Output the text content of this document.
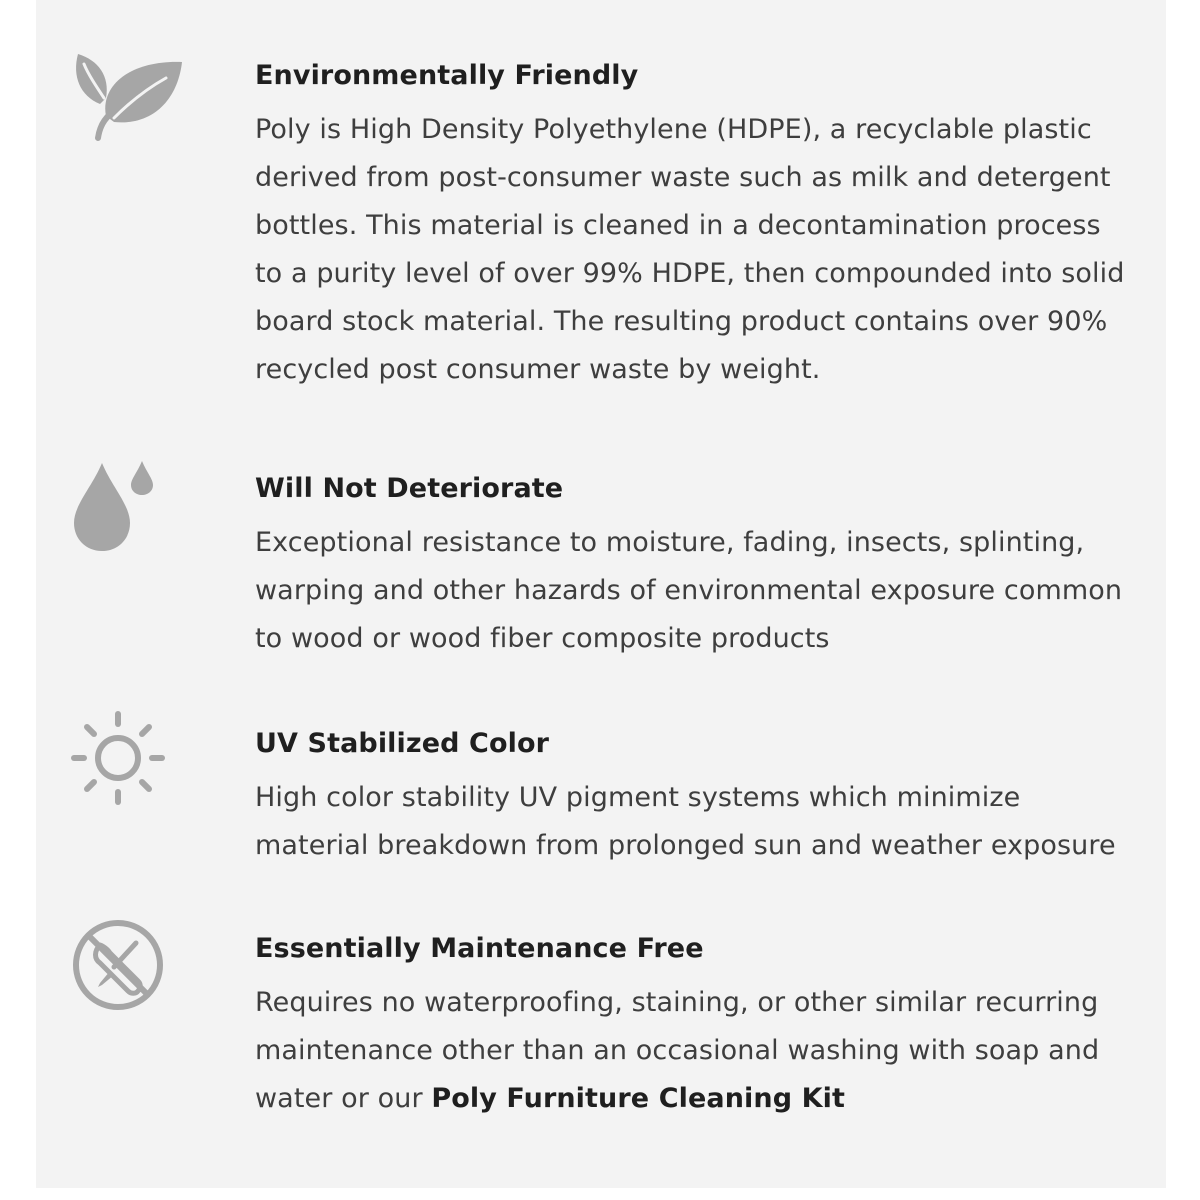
Environmentally Friendly

Poly is High Density Polyethylene (HDPE), a recyclable plastic derived from post-consumer waste such as milk and detergent bottles. This material is cleaned in a decontamination process to a purity level of over 99% HDPE, then compounded into solid board stock material. The resulting product contains over 90% recycled post consumer waste by weight.

Will Not Deteriorate

Exceptional resistance to moisture, fading, insects, splinting, warping and other hazards of environmental exposure common to wood or wood fiber composite products

UV Stabilized Color

High color stability UV pigment systems which minimize material breakdown from prolonged sun and weather exposure

Essentially Maintenance Free

Requires no waterproofing, staining, or other similar recurring maintenance other than an occasional washing with soap and water or our Poly Furniture Cleaning Kit
